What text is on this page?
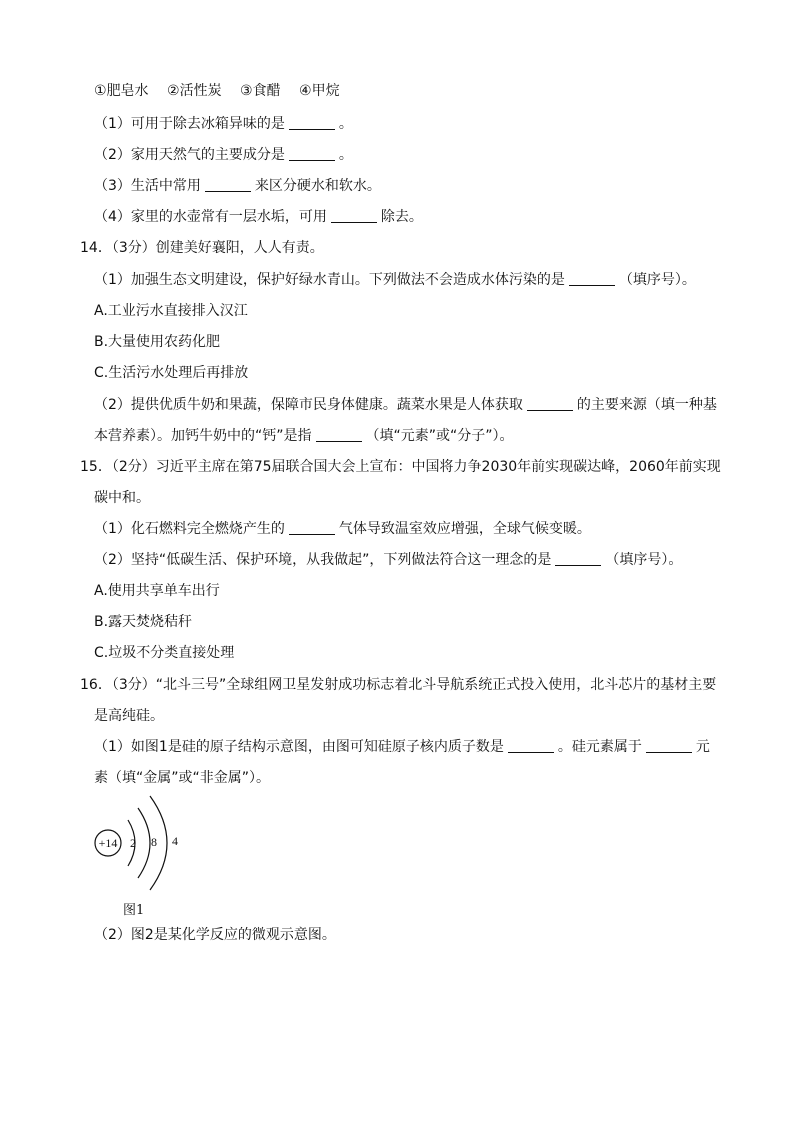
①肥皂水 ②活性炭 ③食醋 ④甲烷
（1）可用于除去冰箱异味的是	。
（2）家用天然气的主要成分是	。
（3）生活中常用	来区分硬水和软水。
（4）家里的水壶常有一层水垢，可用	除去。
14．（3分）创建美好襄阳，人人有责。
（1）加强生态文明建设，保护好绿水青山。下列做法不会造成水体污染的是	（填序号）。
A.工业污水直接排入汉江
B.大量使用农药化肥
C.生活污水处理后再排放
（2）提供优质牛奶和果蔬，保障市民身体健康。蔬菜水果是人体获取	的主要来源（填一种基
本营养素）。加钙牛奶中的“钙”是指	（填“元素”或“分子”）。
15．（2分）习近平主席在第75届联合国大会上宣布：中国将力争2030年前实现碳达峰，2060年前实现
碳中和。
（1）化石燃料完全燃烧产生的	气体导致温室效应增强，全球气候变暖。
（2）坚持“低碳生活、保护环境，从我做起”，下列做法符合这一理念的是	（填序号）。
A.使用共享单车出行
B.露天焚烧秸秆
C.垃圾不分类直接处理
16．（3分）“北斗三号”全球组网卫星发射成功标志着北斗导航系统正式投入使用，北斗芯片的基材主要
是高纯硅。
（1）如图1是硅的原子结构示意图，由图可知硅原子核内质子数是	。硅元素属于	元
素（填“金属”或“非金属”）。
+14 2 8 4
图1
（2）图2是某化学反应的微观示意图。
